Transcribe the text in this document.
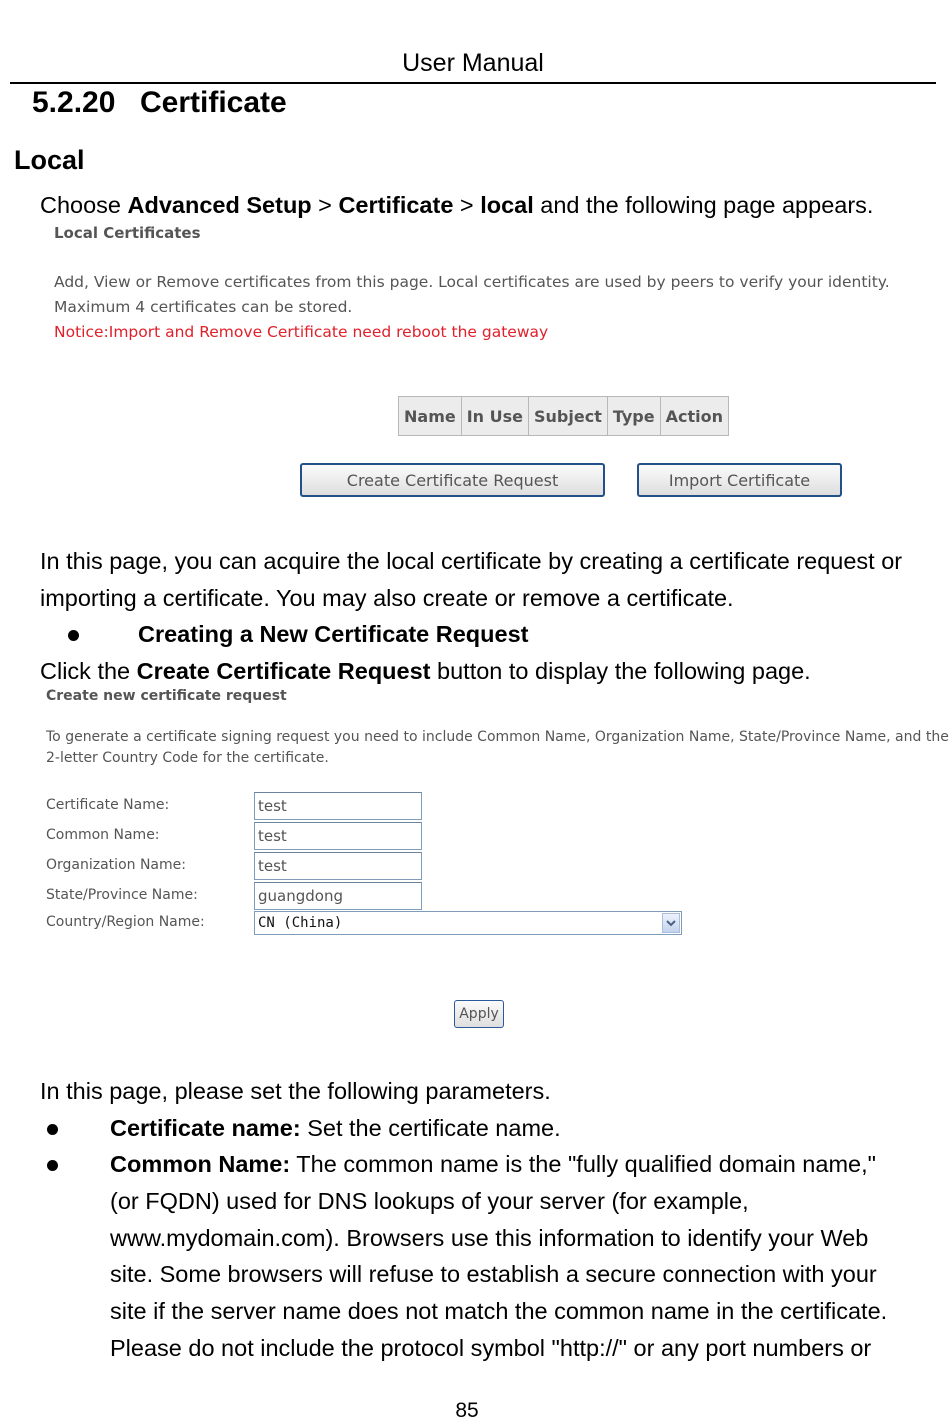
User Manual
5.2.20 Certificate
Local
Choose Advanced Setup > Certificate > local and the following page appears.
Local Certificates
Add, View or Remove certificates from this page. Local certificates are used by peers to verify your identity.
Maximum 4 certificates can be stored.
Notice:Import and Remove Certificate need reboot the gateway
Name	In Use	Subject	Type	Action
Create Certificate Request	Import Certificate
In this page, you can acquire the local certificate by creating a certificate request or
importing a certificate. You may also create or remove a certificate.
Creating a New Certificate Request
Click the Create Certificate Request button to display the following page.
Create new certificate request
To generate a certificate signing request you need to include Common Name, Organization Name, State/Province Name, and the
2-letter Country Code for the certificate.
Certificate Name:	test
Common Name:	test
Organization Name:	test
State/Province Name:	guangdong
Country/Region Name:	CN (China)
Apply
In this page, please set the following parameters.
Certificate name: Set the certificate name.
Common Name: The common name is the "fully qualified domain name,"
(or FQDN) used for DNS lookups of your server (for example,
www.mydomain.com). Browsers use this information to identify your Web
site. Some browsers will refuse to establish a secure connection with your
site if the server name does not match the common name in the certificate.
Please do not include the protocol symbol "http://" or any port numbers or
85
